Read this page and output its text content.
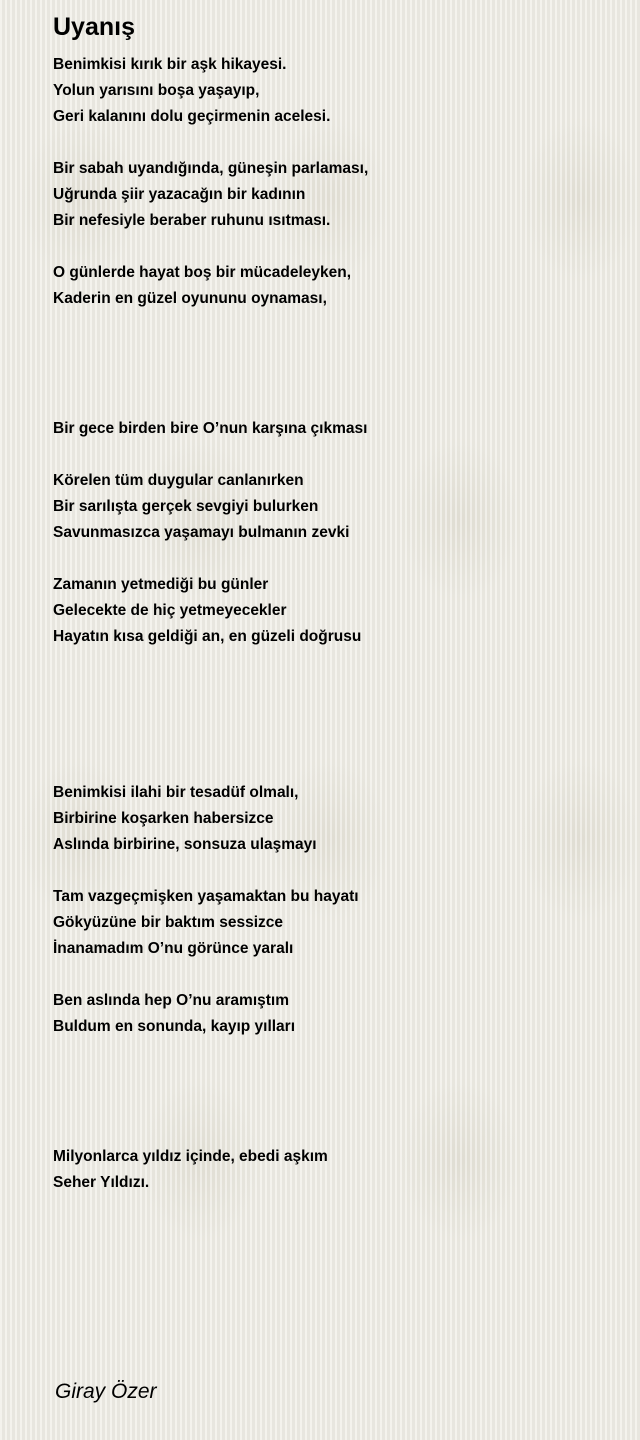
Uyanış
Benimkisi kırık bir aşk hikayesi.
Yolun yarısını boşa yaşayıp,
Geri kalanını dolu geçirmenin acelesi.
Bir sabah uyandığında, güneşin parlaması,
Uğrunda şiir yazacağın bir kadının
Bir nefesiyle beraber ruhunu ısıtması.
O günlerde hayat boş bir mücadeleyken,
Kaderin en güzel oyununu oynaması,
Bir gece birden bire O’nun karşına çıkması
Körelen tüm duygular canlanırken
Bir sarılışta gerçek sevgiyi bulurken
Savunmasızca yaşamayı bulmanın zevki
Zamanın yetmediği bu günler
Gelecekte de hiç yetmeyecekler
Hayatın kısa geldiği an, en güzeli doğrusu
Benimkisi ilahi bir tesadüf olmalı,
Birbirine koşarken habersizce
Aslında birbirine, sonsuza ulaşmayı
Tam vazgeçmişken yaşamaktan bu hayatı
Gökyüzüne bir baktım sessizce
İnanamadım O’nu görünce yaralı
Ben aslında hep O’nu aramıştım
Buldum en sonunda, kayıp yılları
Milyonlarca yıldız içinde, ebedi aşkım
Seher Yıldızı.
Giray Özer
